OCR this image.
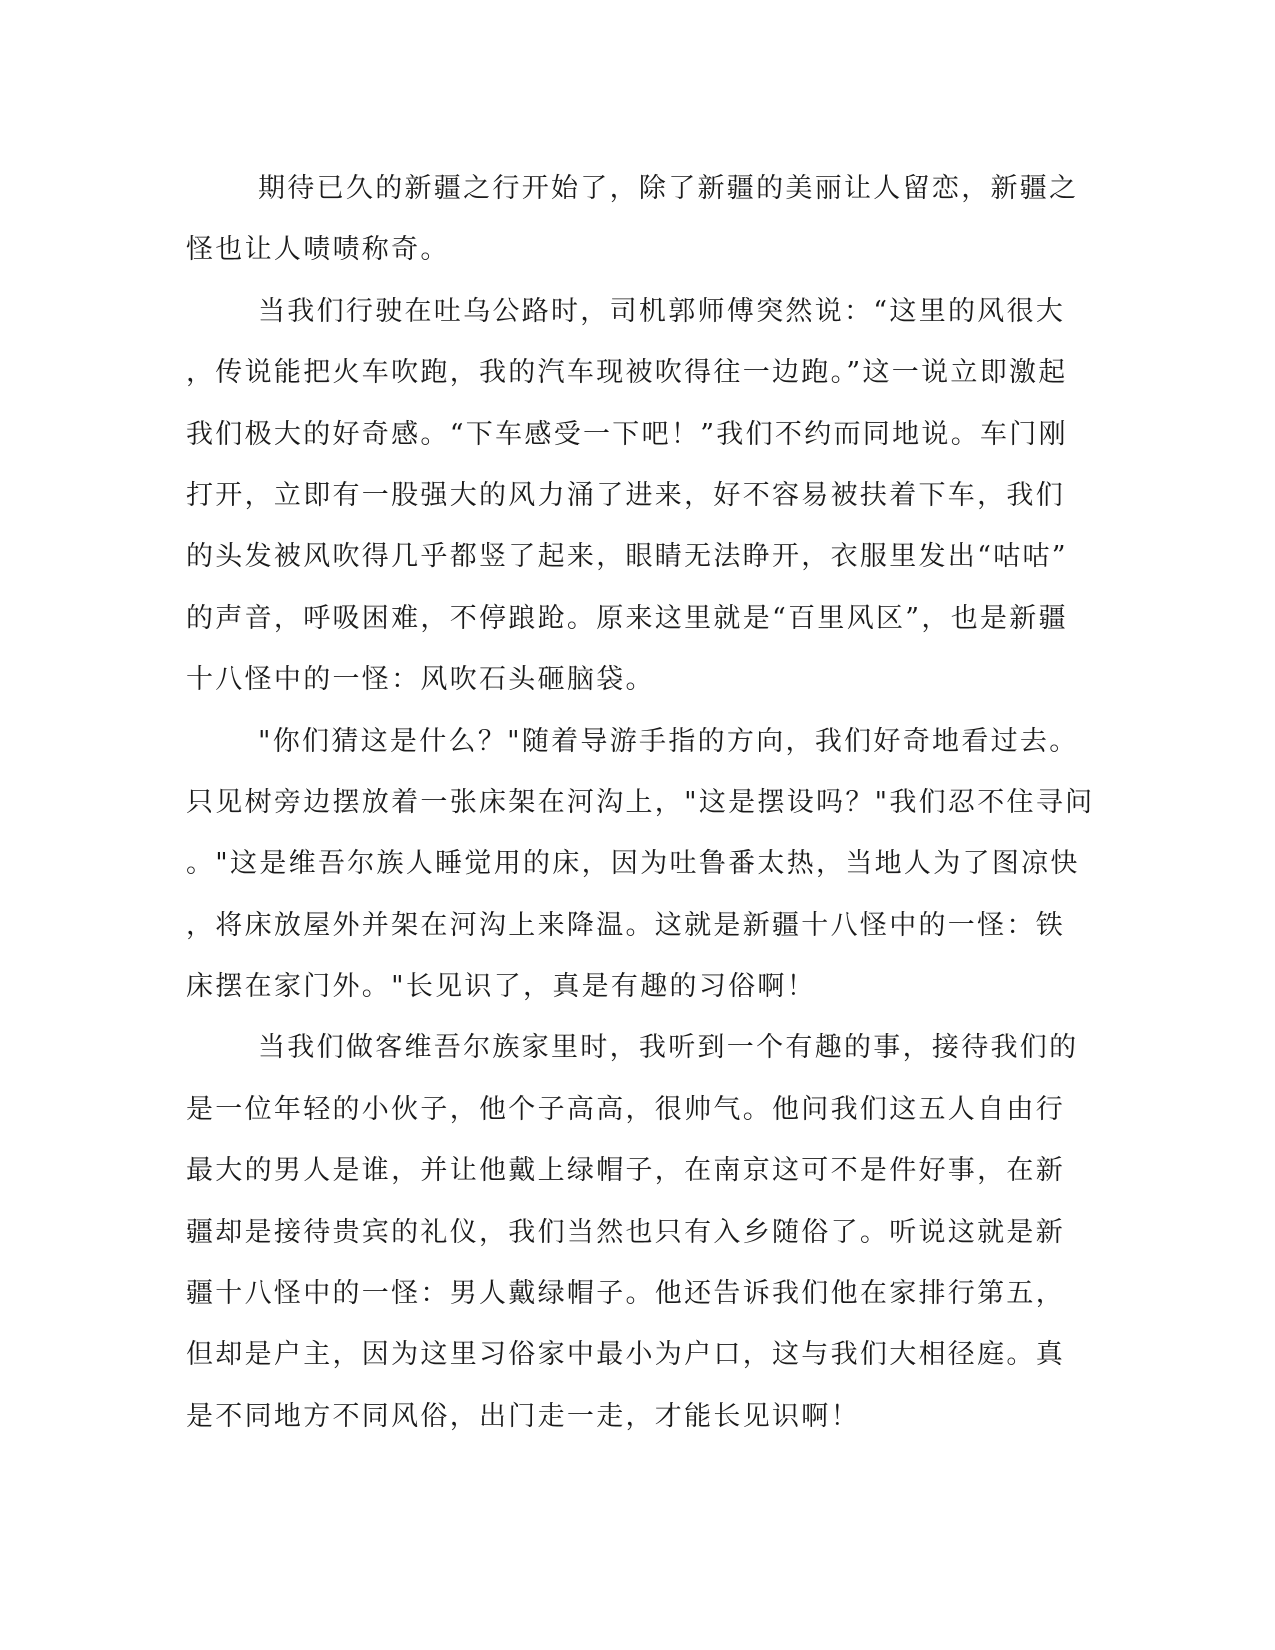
期待已久的新疆之行开始了，除了新疆的美丽让人留恋，新疆之

怪也让人啧啧称奇。

当我们行驶在吐乌公路时，司机郭师傅突然说：“这里的风很大

，传说能把火车吹跑，我的汽车现被吹得往一边跑。”这一说立即激起

我们极大的好奇感。“下车感受一下吧！”我们不约而同地说。车门刚

打开，立即有一股强大的风力涌了进来，好不容易被扶着下车，我们

的头发被风吹得几乎都竖了起来，眼睛无法睁开，衣服里发出“咕咕”

的声音，呼吸困难，不停踉跄。原来这里就是“百里风区”，也是新疆

十八怪中的一怪：风吹石头砸脑袋。

"你们猜这是什么？"随着导游手指的方向，我们好奇地看过去。

只见树旁边摆放着一张床架在河沟上，"这是摆设吗？"我们忍不住寻问

。"这是维吾尔族人睡觉用的床，因为吐鲁番太热，当地人为了图凉快

，将床放屋外并架在河沟上来降温。这就是新疆十八怪中的一怪：铁

床摆在家门外。"长见识了，真是有趣的习俗啊！

当我们做客维吾尔族家里时，我听到一个有趣的事，接待我们的

是一位年轻的小伙子，他个子高高，很帅气。他问我们这五人自由行

最大的男人是谁，并让他戴上绿帽子，在南京这可不是件好事，在新

疆却是接待贵宾的礼仪，我们当然也只有入乡随俗了。听说这就是新

疆十八怪中的一怪：男人戴绿帽子。他还告诉我们他在家排行第五，

但却是户主，因为这里习俗家中最小为户口，这与我们大相径庭。真

是不同地方不同风俗，出门走一走，才能长见识啊！
